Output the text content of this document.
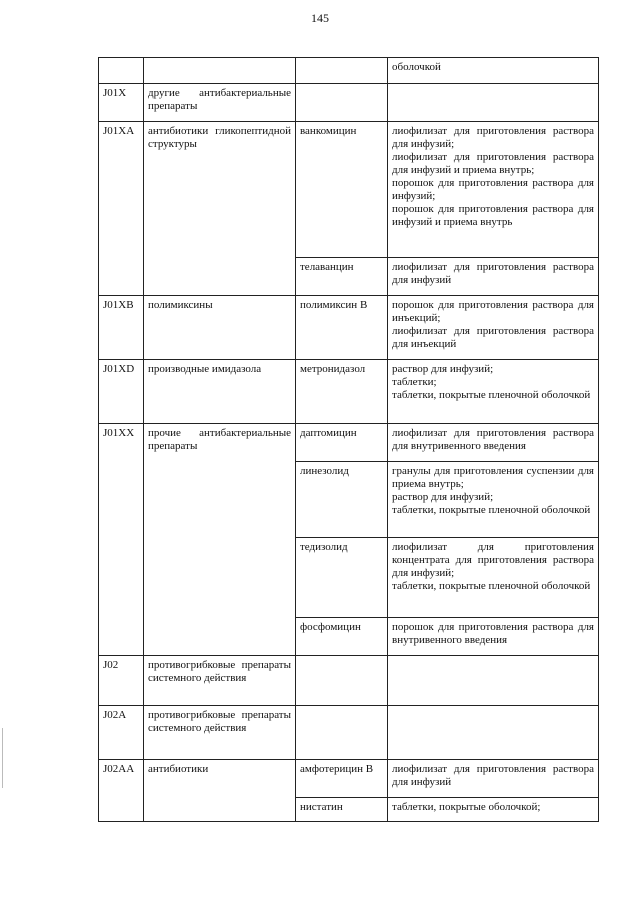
145

			оболочкой

J01X	другие антибактериальные препараты		
J01XA	антибиотики гликопептидной структуры	ванкомицин	лиофилизат для приготовления раствора для инфузий;
лиофилизат для приготовления раствора для инфузий и приема внутрь;
порошок для приготовления раствора для инфузий;
порошок для приготовления раствора для инфузий и приема внутрь

		телаванцин	лиофилизат для приготовления раствора для инфузий

J01XB	полимиксины	полимиксин В	порошок для приготовления раствора для инъекций;
лиофилизат для приготовления раствора для инъекций

J01XD	производные имидазола	метронидазол	раствор для инфузий;
таблетки;
таблетки, покрытые пленочной оболочкой

J01XX	прочие антибактериальные препараты	даптомицин	лиофилизат для приготовления раствора для внутривенного введения

		линезолид	гранулы для приготовления суспензии для приема внутрь;
раствор для инфузий;
таблетки, покрытые пленочной оболочкой

		тедизолид	лиофилизат для приготовления концентрата для приготовления раствора для инфузий;
таблетки, покрытые пленочной оболочкой

		фосфомицин	порошок для приготовления раствора для внутривенного введения

J02	противогрибковые препараты системного действия		
J02A	противогрибковые препараты системного действия		
J02AA	антибиотики	амфотерицин В	лиофилизат для приготовления раствора для инфузий

		нистатин	таблетки, покрытые оболочкой;
